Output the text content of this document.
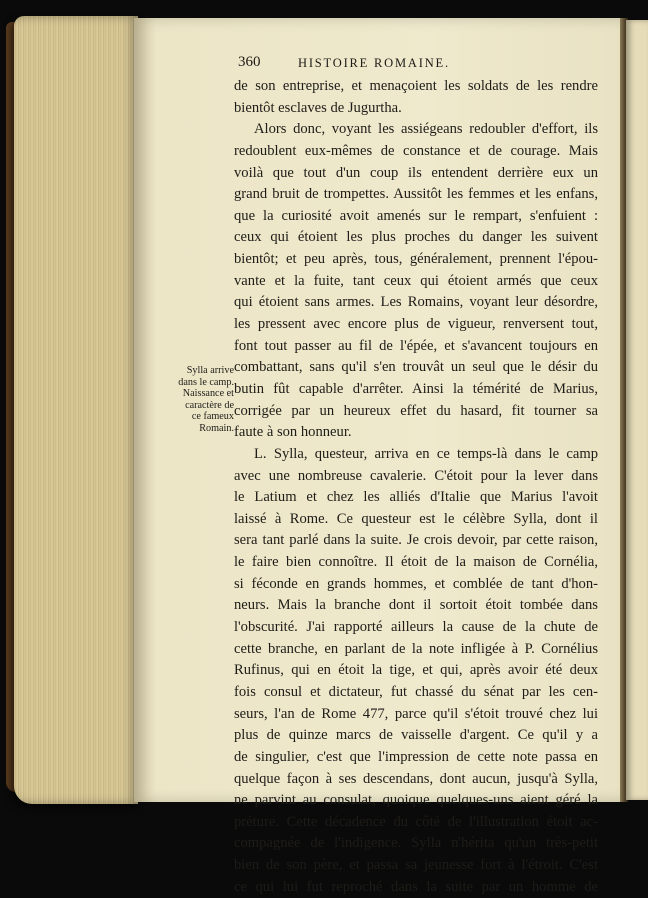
360	HISTOIRE ROMAINE.
de son entreprise, et menaçoient les soldats de les rendre
bientôt esclaves de Jugurtha.
Alors donc, voyant les assiégeans redoubler d'effort, ils
redoublent eux-mêmes de constance et de courage. Mais
voilà que tout d'un coup ils entendent derrière eux un
grand bruit de trompettes. Aussitôt les femmes et les enfans,
que la curiosité avoit amenés sur le rempart, s'enfuient :
ceux qui étoient les plus proches du danger les suivent
bientôt; et peu après, tous, généralement, prennent l'épou-
vante et la fuite, tant ceux qui étoient armés que ceux
qui étoient sans armes. Les Romains, voyant leur désordre,
les pressent avec encore plus de vigueur, renversent tout,
font tout passer au fil de l'épée, et s'avancent toujours en
combattant, sans qu'il s'en trouvât un seul que le désir du
butin fût capable d'arrêter. Ainsi la témérité de Marius,
corrigée par un heureux effet du hasard, fit tourner sa
faute à son honneur.
L. Sylla, questeur, arriva en ce temps-là dans le camp
avec une nombreuse cavalerie. C'étoit pour la lever dans
le Latium et chez les alliés d'Italie que Marius l'avoit
laissé à Rome. Ce questeur est le célèbre Sylla, dont il
sera tant parlé dans la suite. Je crois devoir, par cette raison,
le faire bien connoître. Il étoit de la maison de Cornélia,
si féconde en grands hommes, et comblée de tant d'hon-
neurs. Mais la branche dont il sortoit étoit tombée dans
l'obscurité. J'ai rapporté ailleurs la cause de la chute de
cette branche, en parlant de la note infligée à P. Cornélius
Rufinus, qui en étoit la tige, et qui, après avoir été deux
fois consul et dictateur, fut chassé du sénat par les cen-
seurs, l'an de Rome 477, parce qu'il s'étoit trouvé chez lui
plus de quinze marcs de vaisselle d'argent. Ce qu'il y a
de singulier, c'est que l'impression de cette note passa en
quelque façon à ses descendans, dont aucun, jusqu'à Sylla,
ne parvint au consulat, quoique quelques-uns aient géré la
préture. Cette décadence du côté de l'illustration étoit ac-
compagnée de l'indigence. Sylla n'hérita qu'un très-petit
bien de son père, et passa sa jeunesse fort à l'étroit. C'est
ce qui lui fut reproché dans la suite par un homme de
Sylla arrive
dans le camp.
Naissance et
caractère de
ce fameux
Romain.
